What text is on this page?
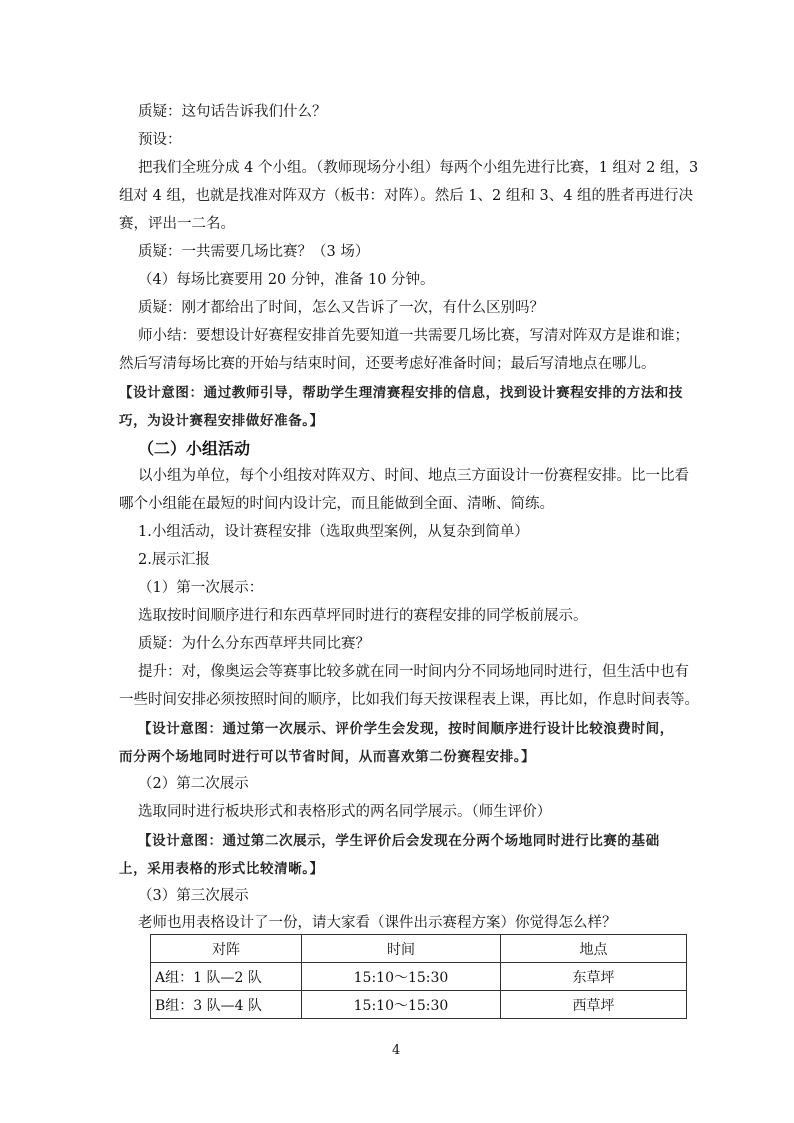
质疑：这句话告诉我们什么？
预设：
把我们全班分成 4 个小组。（教师现场分小组）每两个小组先进行比赛，1 组对 2 组，3
组对 4 组，也就是找准对阵双方（板书：对阵）。然后 1、2 组和 3、4 组的胜者再进行决
赛，评出一二名。
质疑：一共需要几场比赛？（3 场）
（4）每场比赛要用 20 分钟，准备 10 分钟。
质疑：刚才都给出了时间，怎么又告诉了一次，有什么区别吗？
师小结：要想设计好赛程安排首先要知道一共需要几场比赛，写清对阵双方是谁和谁；
然后写清每场比赛的开始与结束时间，还要考虑好准备时间；最后写清地点在哪儿。
【设计意图：通过教师引导，帮助学生理清赛程安排的信息，找到设计赛程安排的方法和技
巧，为设计赛程安排做好准备。】
（二）小组活动
以小组为单位，每个小组按对阵双方、时间、地点三方面设计一份赛程安排。比一比看
哪个小组能在最短的时间内设计完，而且能做到全面、清晰、简练。
1.小组活动，设计赛程安排（选取典型案例，从复杂到简单）
2.展示汇报
（1）第一次展示：
选取按时间顺序进行和东西草坪同时进行的赛程安排的同学板前展示。
质疑：为什么分东西草坪共同比赛？
提升：对，像奥运会等赛事比较多就在同一时间内分不同场地同时进行，但生活中也有
一些时间安排必须按照时间的顺序，比如我们每天按课程表上课，再比如，作息时间表等。
【设计意图：通过第一次展示、评价学生会发现，按时间顺序进行设计比较浪费时间，
而分两个场地同时进行可以节省时间，从而喜欢第二份赛程安排。】
（2）第二次展示
选取同时进行板块形式和表格形式的两名同学展示。（师生评价）
【设计意图：通过第二次展示，学生评价后会发现在分两个场地同时进行比赛的基础
上，采用表格的形式比较清晰。】
（3）第三次展示
老师也用表格设计了一份，请大家看（课件出示赛程方案）你觉得怎么样？
对阵	时间	地点
A组：1 队—2 队	15:10～15:30	东草坪
B组：3 队—4 队	15:10～15:30	西草坪
4
